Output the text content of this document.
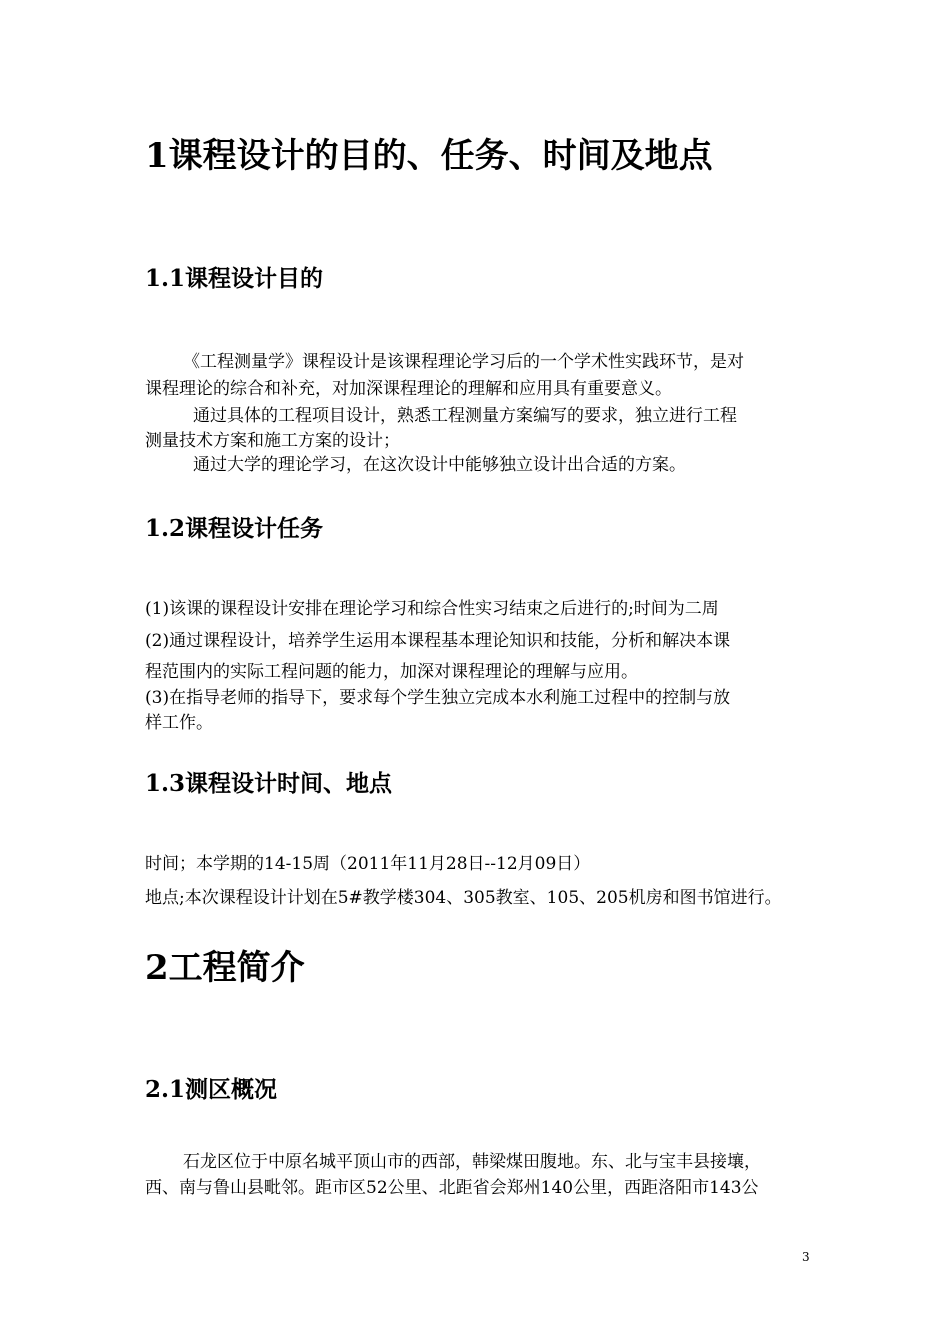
1课程设计的目的、任务、时间及地点
1.1课程设计目的
《工程测量学》课程设计是该课程理论学习后的一个学术性实践环节，是对
课程理论的综合和补充，对加深课程理论的理解和应用具有重要意义。
通过具体的工程项目设计，熟悉工程测量方案编写的要求，独立进行工程
测量技术方案和施工方案的设计；
通过大学的理论学习，在这次设计中能够独立设计出合适的方案。
1.2课程设计任务
(1)该课的课程设计安排在理论学习和综合性实习结束之后进行的;时间为二周
(2)通过课程设计，培养学生运用本课程基本理论知识和技能，分析和解决本课
程范围内的实际工程问题的能力，加深对课程理论的理解与应用。
(3)在指导老师的指导下，要求每个学生独立完成本水利施工过程中的控制与放
样工作。
1.3课程设计时间、地点
时间；本学期的14-15周（2011年11月28日--12月09日）
地点;本次课程设计计划在5#教学楼304、305教室、105、205机房和图书馆进行。
2工程简介
2.1测区概况
石龙区位于中原名城平顶山市的西部，韩梁煤田腹地。东、北与宝丰县接壤，
西、南与鲁山县毗邻。距市区52公里、北距省会郑州140公里，西距洛阳市143公
3
